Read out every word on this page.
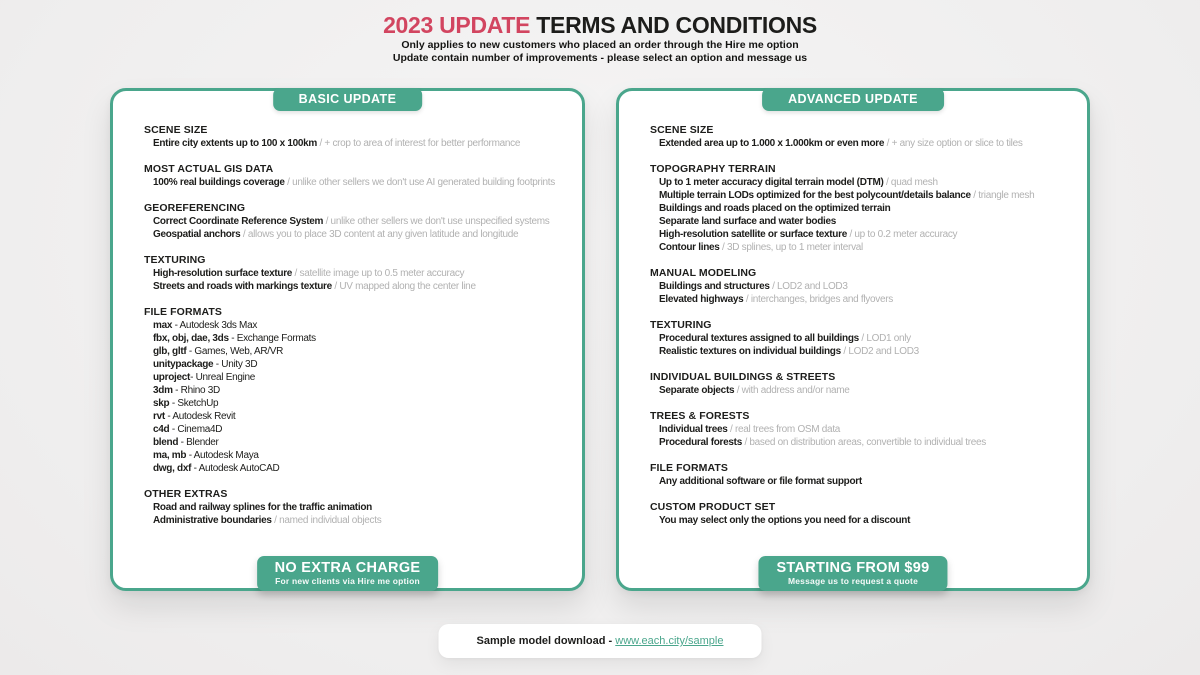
2023 UPDATE TERMS AND CONDITIONS
Only applies to new customers who placed an order through the Hire me option
Update contain number of improvements - please select an option and message us
BASIC UPDATE
SCENE SIZE
Entire city extents up to 100 x 100km / + crop to area of interest for better performance
MOST ACTUAL GIS DATA
100% real buildings coverage / unlike other sellers we don't use AI generated building footprints
GEOREFERENCING
Correct Coordinate Reference System / unlike other sellers we don't use unspecified systems
Geospatial anchors / allows you to place 3D content at any given latitude and longitude
TEXTURING
High-resolution surface texture / satellite image up to 0.5 meter accuracy
Streets and roads with markings texture / UV mapped along the center line
FILE FORMATS
max - Autodesk 3ds Max
fbx, obj, dae, 3ds - Exchange Formats
glb, gltf - Games, Web, AR/VR
unitypackage - Unity 3D
uproject- Unreal Engine
3dm - Rhino 3D
skp - SketchUp
rvt - Autodesk Revit
c4d - Cinema4D
blend - Blender
ma, mb - Autodesk Maya
dwg, dxf - Autodesk AutoCAD
OTHER EXTRAS
Road and railway splines for the traffic animation
Administrative boundaries / named individual objects
NO EXTRA CHARGE
For new clients via Hire me option
ADVANCED UPDATE
SCENE SIZE
Extended area up to 1.000 x 1.000km or even more / + any size option or slice to tiles
TOPOGRAPHY TERRAIN
Up to 1 meter accuracy digital terrain model (DTM) / quad mesh
Multiple terrain LODs optimized for the best polycount/details balance / triangle mesh
Buildings and roads placed on the optimized terrain
Separate land surface and water bodies
High-resolution satellite or surface texture / up to 0.2 meter accuracy
Contour lines / 3D splines, up to 1 meter interval
MANUAL MODELING
Buildings and structures / LOD2 and LOD3
Elevated highways / interchanges, bridges and flyovers
TEXTURING
Procedural textures assigned to all buildings / LOD1 only
Realistic textures on individual buildings / LOD2 and LOD3
INDIVIDUAL BUILDINGS & STREETS
Separate objects / with address and/or name
TREES & FORESTS
Individual trees / real trees from OSM data
Procedural forests / based on distribution areas, convertible to individual trees
FILE FORMATS
Any additional software or file format support
CUSTOM PRODUCT SET
You may select only the options you need for a discount
STARTING FROM $99
Message us to request a quote
Sample model download - www.each.city/sample
